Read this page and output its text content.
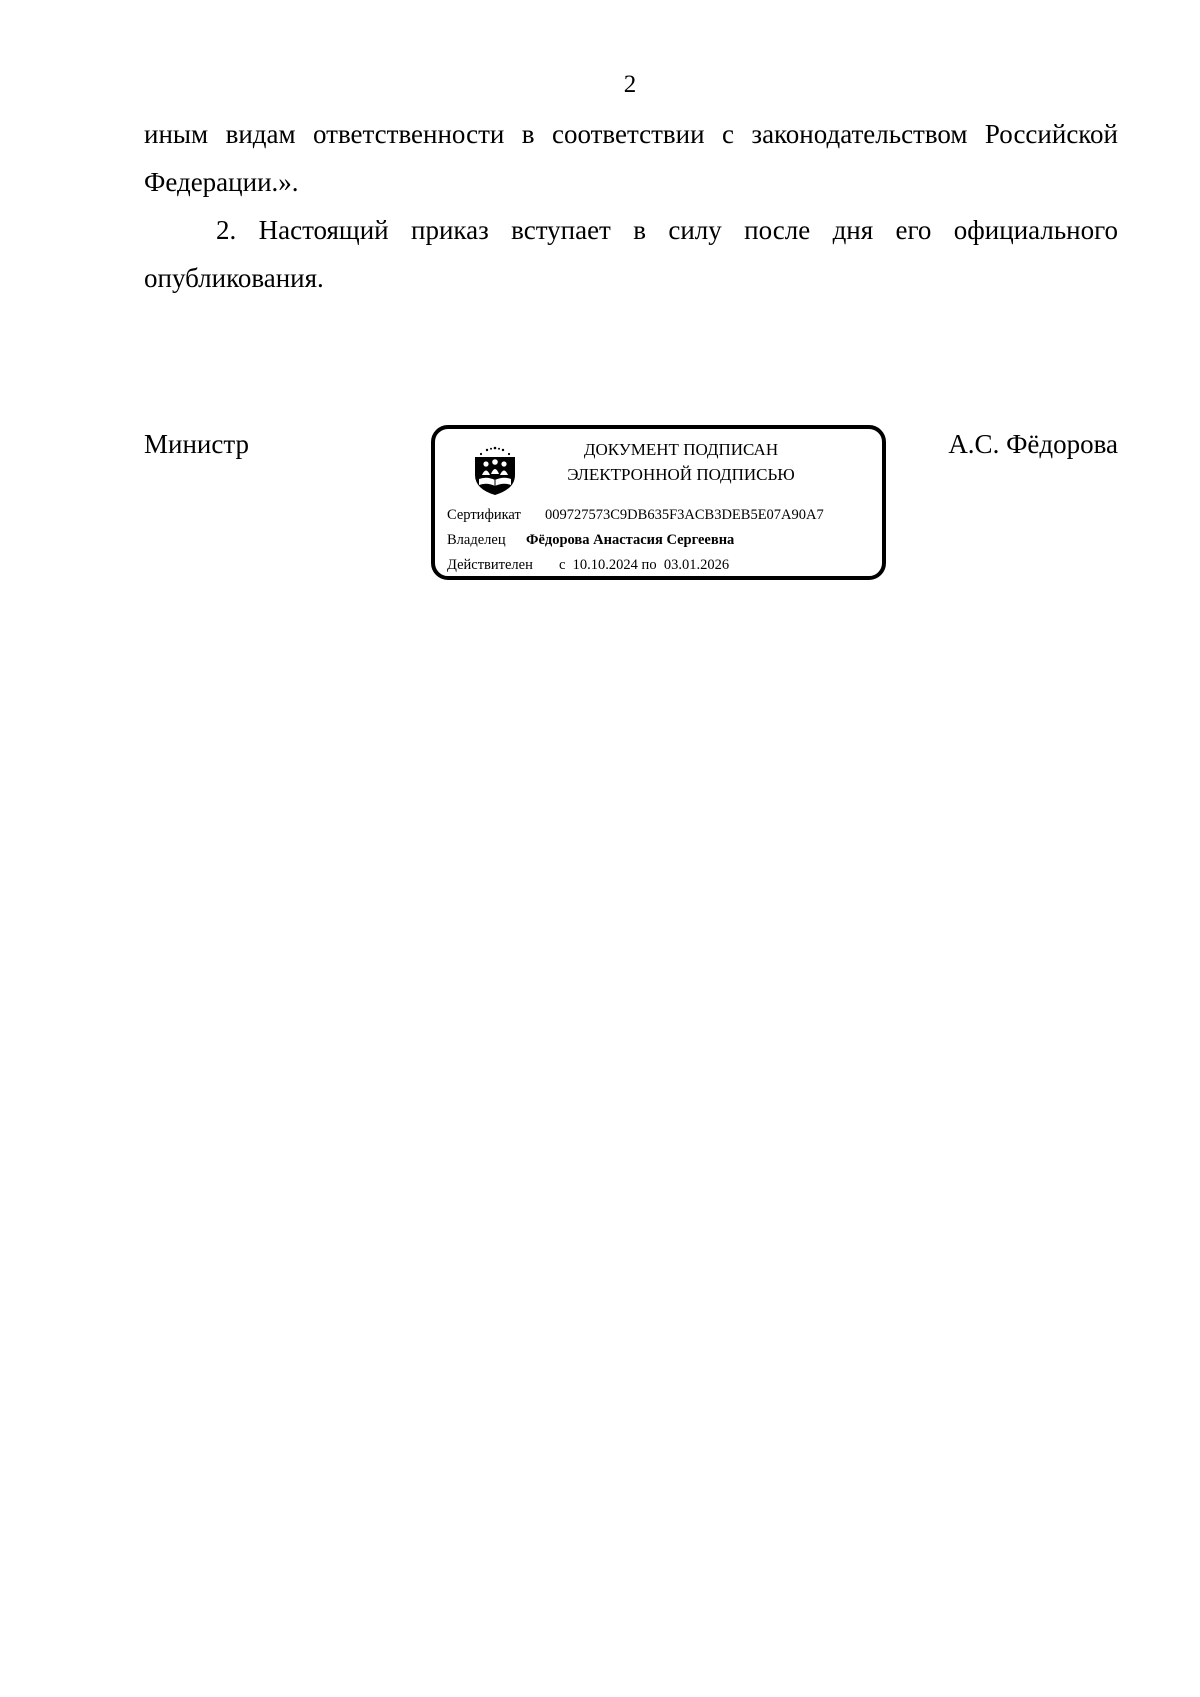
2

иным видам ответственности в соответствии с законодательством Российской Федерации.».

2. Настоящий приказ вступает в силу после дня его официального опубликования.

Министр	ДОКУМЕНТ ПОДПИСАН
ЭЛЕКТРОННОЙ ПОДПИСЬЮ
Сертификат 009727573C9DB635F3ACB3DEB5E07A90A7
Владелец Фёдорова Анастасия Сергеевна
Действителен с  10.10.2024 по  03.01.2026
А.С. Фёдорова
